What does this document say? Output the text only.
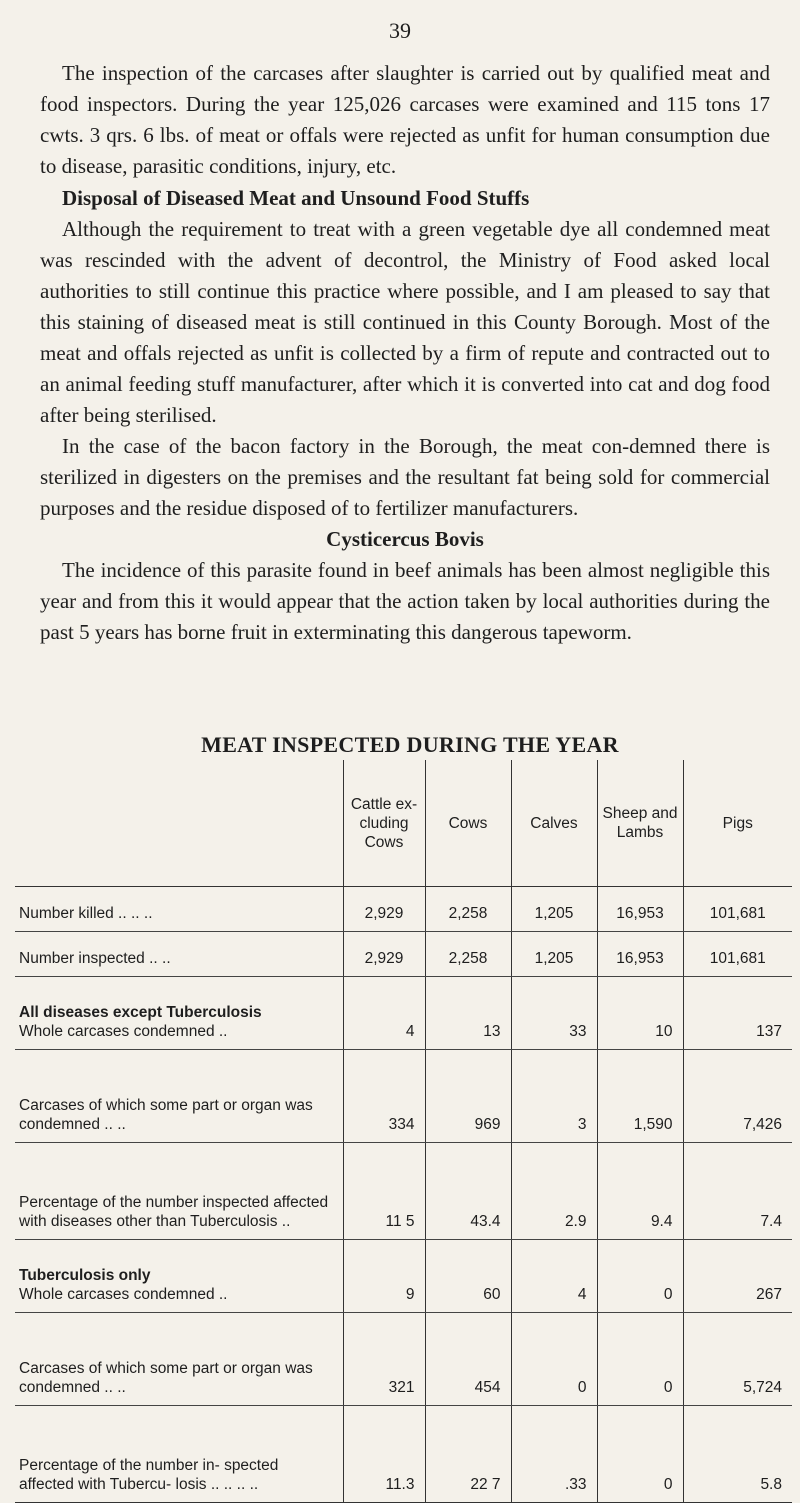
39

The inspection of the carcases after slaughter is carried out by qualified meat and food inspectors. During the year 125,026 carcases were examined and 115 tons 17 cwts. 3 qrs. 6 lbs. of meat or offals were rejected as unfit for human consumption due to disease, parasitic conditions, injury, etc.

Disposal of Diseased Meat and Unsound Food Stuffs

Although the requirement to treat with a green vegetable dye all condemned meat was rescinded with the advent of decontrol, the Ministry of Food asked local authorities to still continue this practice where possible, and I am pleased to say that this staining of diseased meat is still continued in this County Borough. Most of the meat and offals rejected as unfit is collected by a firm of repute and contracted out to an animal feeding stuff manufacturer, after which it is converted into cat and dog food after being sterilised.

In the case of the bacon factory in the Borough, the meat con-demned there is sterilized in digesters on the premises and the resultant fat being sold for commercial purposes and the residue disposed of to fertilizer manufacturers.

Cysticercus Bovis

The incidence of this parasite found in beef animals has been almost negligible this year and from this it would appear that the action taken by local authorities during the past 5 years has borne fruit in exterminating this dangerous tapeworm.

MEAT INSPECTED DURING THE YEAR
	Cattle ex- cluding Cows	Cows	Calves	Sheep and Lambs	Pigs
Number killed .. .. ..	2,929	2,258	1,205	16,953	101,681
Number inspected .. ..	2,929	2,258	1,205	16,953	101,681
All diseases except Tuberculosis
Whole carcases condemned ..	4	13	33	10	137
Carcases of which some part or organ was condemned .. ..	334	969	3	1,590	7,426
Percentage of the number inspected affected with diseases other than Tuberculosis ..	11 5	43.4	2.9	9.4	7.4
Tuberculosis only
Whole carcases condemned ..	9	60	4	0	267
Carcases of which some part or organ was condemned .. ..	321	454	0	0	5,724
Percentage of the number in- spected affected with Tubercu- losis .. .. .. ..	11.3	22 7	.33	0	5.8
